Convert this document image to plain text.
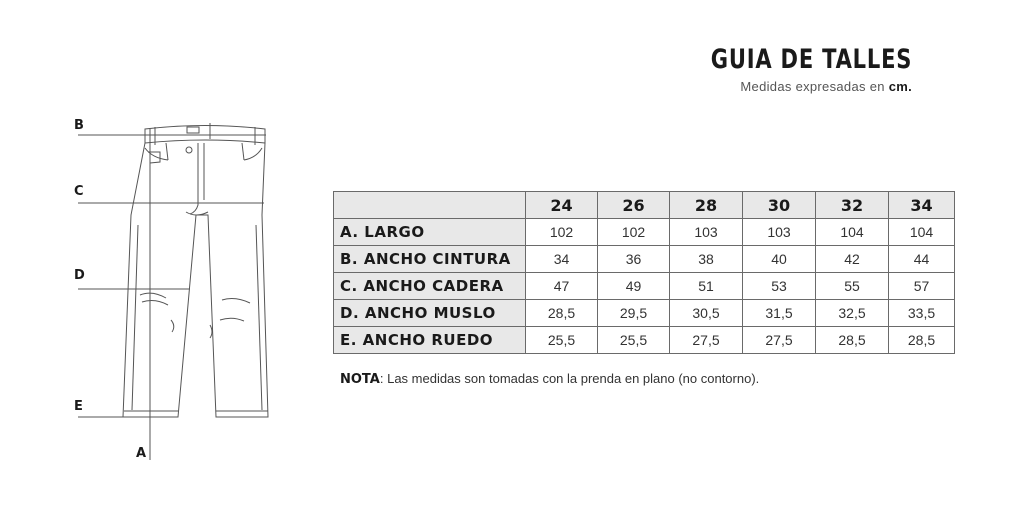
GUIA DE TALLES
Medidas expresadas en cm.
B
C
D
E
A
	24	26	28	30	32	34
A. LARGO	102	102	103	103	104	104
B. ANCHO CINTURA	34	36	38	40	42	44
C. ANCHO CADERA	47	49	51	53	55	57
D. ANCHO MUSLO	28,5	29,5	30,5	31,5	32,5	33,5
E. ANCHO RUEDO	25,5	25,5	27,5	27,5	28,5	28,5
NOTA: Las medidas son tomadas con la prenda en plano (no contorno).
